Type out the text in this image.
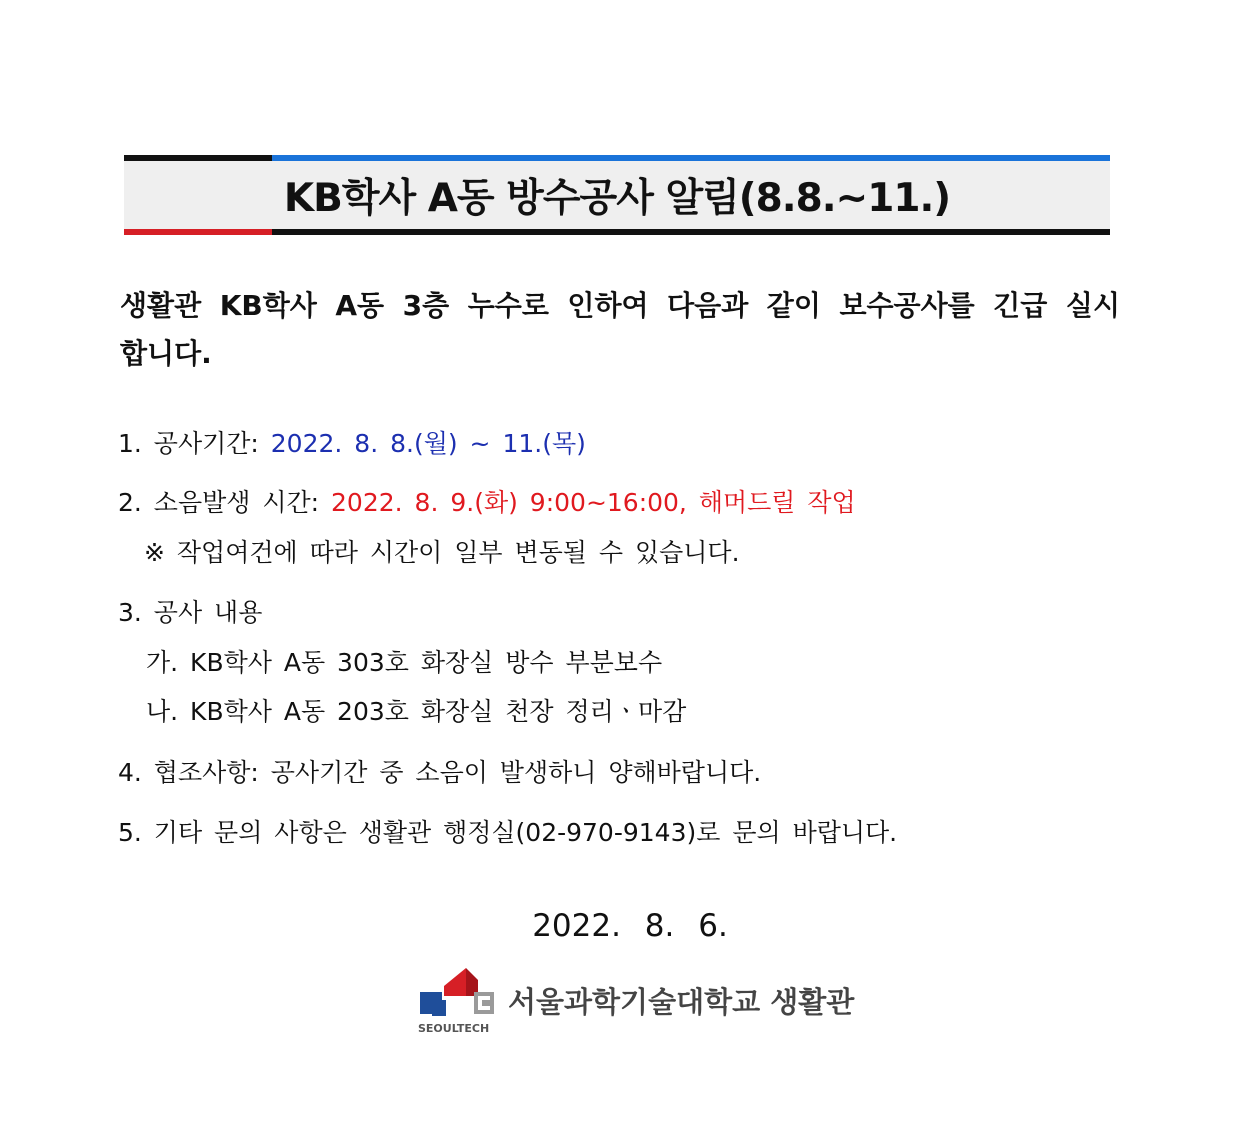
KB학사 A동 방수공사 알림(8.8.~11.)
생활관 KB학사 A동 3층 누수로 인하여 다음과 같이 보수공사를 긴급 실시합니다.
1. 공사기간: 2022. 8. 8.(월) ~ 11.(목)
2. 소음발생 시간: 2022. 8. 9.(화) 9:00~16:00, 해머드릴 작업
※ 작업여건에 따라 시간이 일부 변동될 수 있습니다.
3. 공사 내용
가. KB학사 A동 303호 화장실 방수 부분보수
나. KB학사 A동 203호 화장실 천장 정리ㆍ마감
4. 협조사항: 공사기간 중 소음이 발생하니 양해바랍니다.
5. 기타 문의 사항은 생활관 행정실(02-970-9143)로 문의 바랍니다.
2022. 8. 6.
SEOULTECH
서울과학기술대학교 생활관
